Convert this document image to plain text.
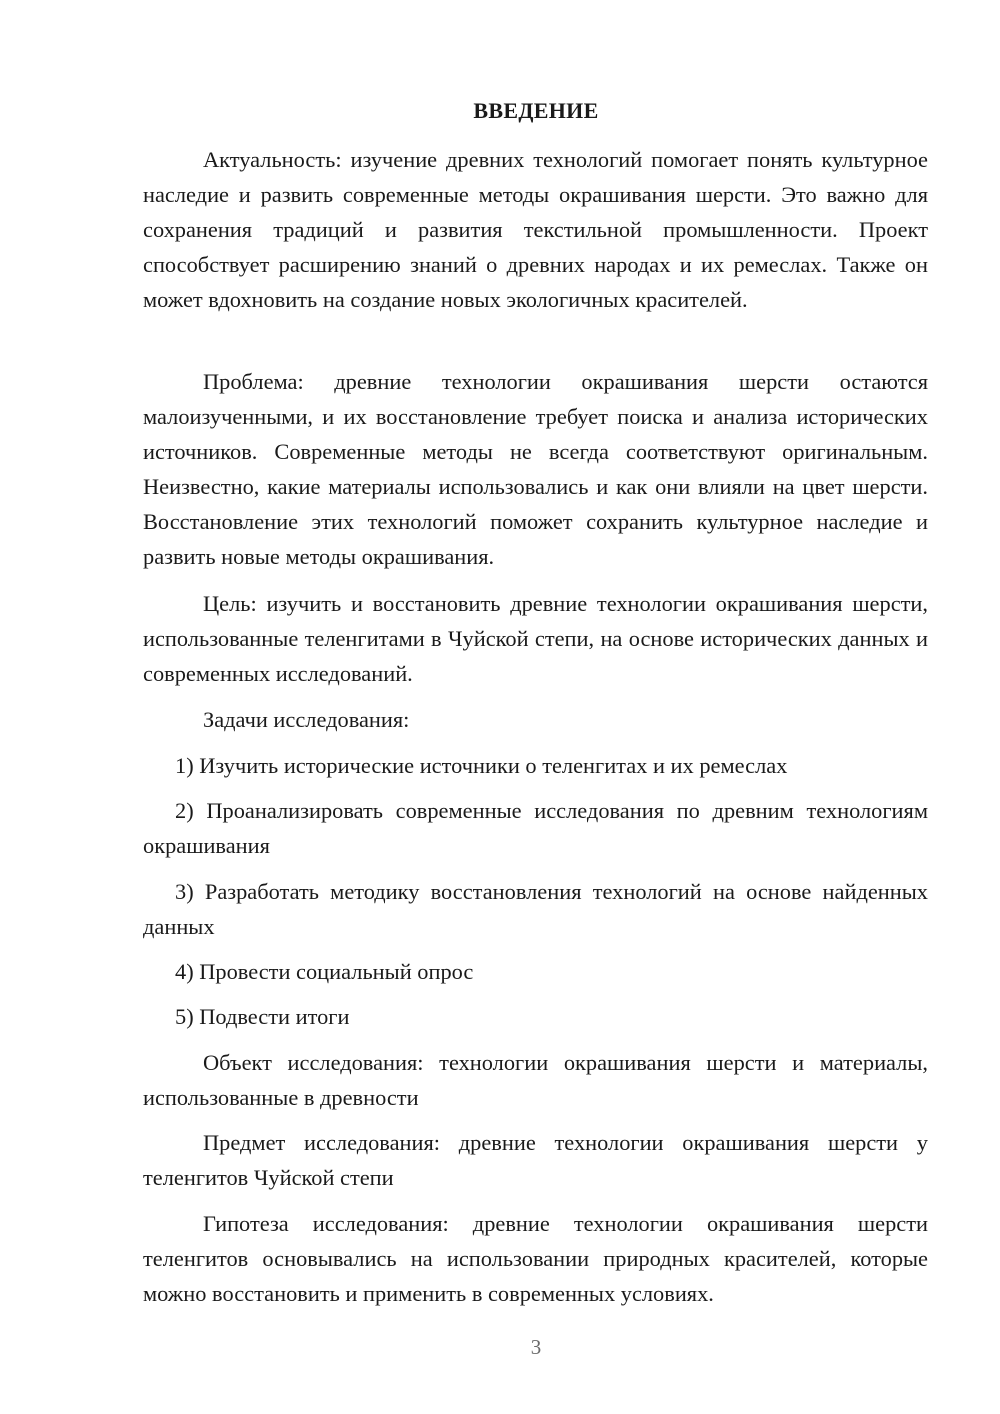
ВВЕДЕНИЕ

Актуальность: изучение древних технологий помогает понять культурное наследие и развить современные методы окрашивания шерсти. Это важно для сохранения традиций и развития текстильной промышленности. Проект способствует расширению знаний о древних народах и их ремеслах. Также он может вдохновить на создание новых экологичных красителей.

Проблема: древние технологии окрашивания шерсти остаются малоизученными, и их восстановление требует поиска и анализа исторических источников. Современные методы не всегда соответствуют оригинальным. Неизвестно, какие материалы использовались и как они влияли на цвет шерсти. Восстановление этих технологий поможет сохранить культурное наследие и развить новые методы окрашивания.

Цель: изучить и восстановить древние технологии окрашивания шерсти, использованные теленгитами в Чуйской степи, на основе исторических данных и современных исследований.

Задачи исследования:

1) Изучить исторические источники о теленгитах и их ремеслах

2) Проанализировать современные исследования по древним технологиям окрашивания

3) Разработать методику восстановления технологий на основе найденных данных

4) Провести социальный опрос

5) Подвести итоги

Объект исследования: технологии окрашивания шерсти и материалы, использованные в древности

Предмет исследования: древние технологии окрашивания шерсти у теленгитов Чуйской степи

Гипотеза исследования: древние технологии окрашивания шерсти теленгитов основывались на использовании природных красителей, которые можно восстановить и применить в современных условиях.

3
